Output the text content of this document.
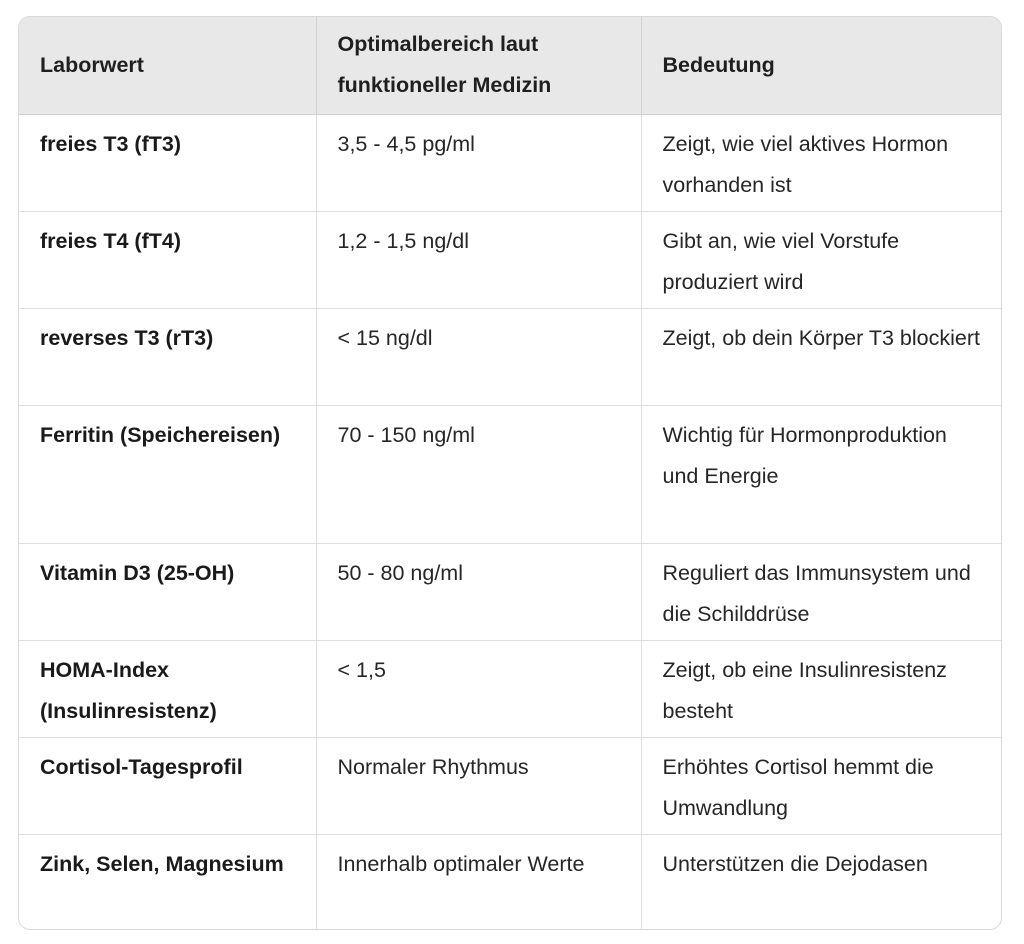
Laborwert	Optimalbereich laut funktioneller Medizin	Bedeutung
freies T3 (fT3)	3,5 - 4,5 pg/ml	Zeigt, wie viel aktives Hormon vorhanden ist
freies T4 (fT4)	1,2 - 1,5 ng/dl	Gibt an, wie viel Vorstufe produziert wird
reverses T3 (rT3)	< 15 ng/dl	Zeigt, ob dein Körper T3 blockiert
Ferritin (Speichereisen)	70 - 150 ng/ml	Wichtig für Hormonproduktion und Energie
Vitamin D3 (25-OH)	50 - 80 ng/ml	Reguliert das Immunsystem und die Schilddrüse
HOMA-Index (Insulinresistenz)	< 1,5	Zeigt, ob eine Insulinresistenz besteht
Cortisol-Tagesprofil	Normaler Rhythmus	Erhöhtes Cortisol hemmt die Umwandlung
Zink, Selen, Magnesium	Innerhalb optimaler Werte	Unterstützen die Dejodasen
